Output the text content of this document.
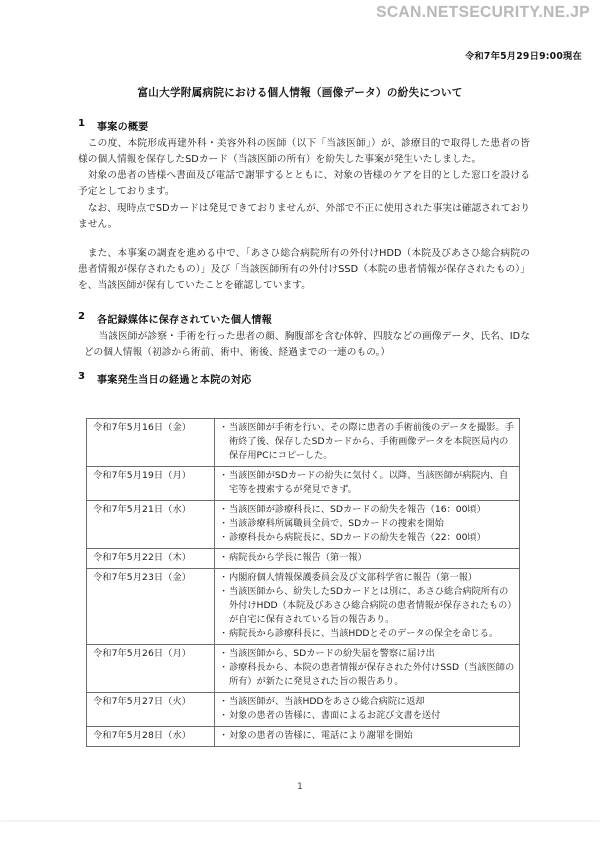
SCAN.NETSECURITY.NE.JP
令和7年5月29日9:00現在
富山大学附属病院における個人情報（画像データ）の紛失について
1 事案の概要

この度、本院形成再建外科・美容外科の医師（以下「当該医師」）が、診療目的で取得した患者の皆様の個人情報を保存したSDカード（当該医師の所有）を紛失した事案が発生いたしました。

対象の患者の皆様へ書面及び電話で謝罪するとともに、対象の皆様のケアを目的とした窓口を設ける予定としております。

なお、現時点でSDカードは発見できておりませんが、外部で不正に使用された事実は確認されておりません。

また、本事案の調査を進める中で、「あさひ総合病院所有の外付けHDD（本院及びあさひ総合病院の患者情報が保存されたもの）」及び「当該医師所有の外付けSSD（本院の患者情報が保存されたもの）」を、当該医師が保有していたことを確認しています。

2 各記録媒体に保存されていた個人情報

当該医師が診察・手術を行った患者の顔、胸腹部を含む体幹、四肢などの画像データ、氏名、IDなどの個人情報（初診から術前、術中、術後、経過までの一連のもの。）

3 事案発生当日の経過と本院の対応
令和7年5月16日（金）	
・当該医師が手術を行い、その際に患者の手術前後のデータを撮影。手術終了後、保存したSDカードから、手術画像データを本院医局内の保存用PCにコピーした。

令和7年5月19日（月）	
・当該医師がSDカードの紛失に気付く。以降、当該医師が病院内、自宅等を捜索するが発見できず。

令和7年5月21日（水）	
・当該医師が診療科長に、SDカードの紛失を報告（16：00頃）
・ 当該診療科所属職員全員で、SDカードの捜索を開始
・ 診療科長から病院長に、SDカードの紛失を報告（22：00頃）

令和7年5月22日（木）	
・病院長から学長に報告（第一報）

令和7年5月23日（金）	
・内閣府個人情報保護委員会及び文部科学省に報告（第一報）
・ 当該医師から、紛失したSDカードとは別に、あさひ総合病院所有の外付けHDD（本院及びあさひ総合病院の患者情報が保存されたもの）が自宅に保有されている旨の報告あり。
・ 病院長から診療科長に、当該HDDとそのデータの保全を命じる。

令和7年5月26日（月）	
・当該医師から、SDカードの紛失届を警察に届け出
・ 診療科長から、本院の患者情報が保存された外付けSSD（当該医師の所有）が新たに発見された旨の報告あり。

令和7年5月27日（火）	
・当該医師が、当該HDDをあさひ総合病院に返却
・ 対象の患者の皆様に、書面によるお詫び文書を送付

令和7年5月28日（水）	
・対象の患者の皆様に、電話により謝罪を開始
1
